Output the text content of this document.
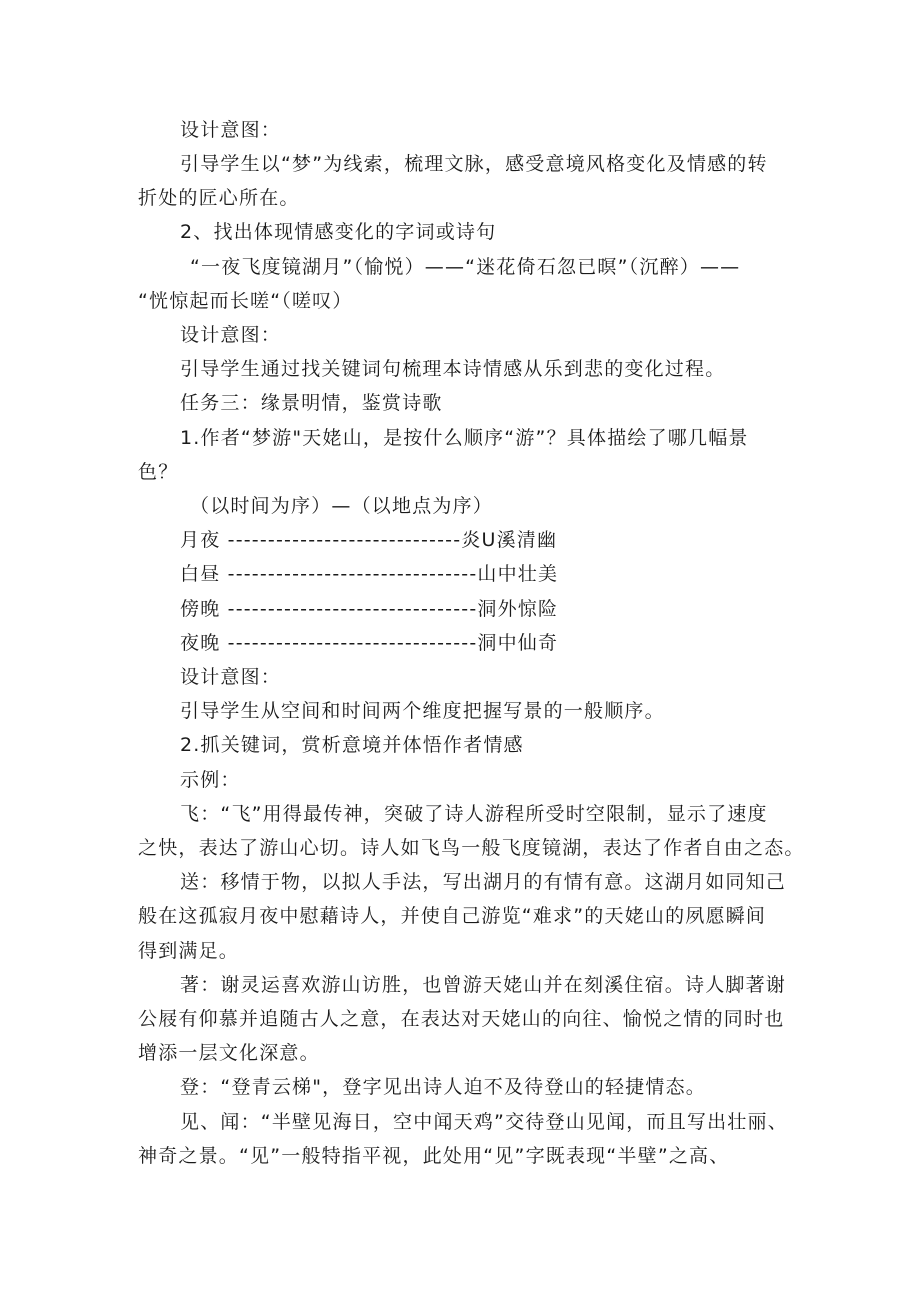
设计意图：
引导学生以“梦”为线索，梳理文脉，感受意境风格变化及情感的转
折处的匠心所在。
2、找出体现情感变化的字词或诗句
“一夜飞度镜湖月”（愉悦）——“迷花倚石忽已暝”（沉醉）——
“恍惊起而长嗟“（嗟叹）
设计意图：
引导学生通过找关键词句梳理本诗情感从乐到悲的变化过程。
任务三：缘景明情，鉴赏诗歌
1.作者“梦游"天姥山，是按什么顺序“游”？具体描绘了哪几幅景
色？
（以时间为序）—（以地点为序）
月夜 -----------------------------炎U溪清幽
白昼 -------------------------------山中壮美
傍晚 -------------------------------洞外惊险
夜晚 -------------------------------洞中仙奇
设计意图：
引导学生从空间和时间两个维度把握写景的一般顺序。
2.抓关键词，赏析意境并体悟作者情感
示例：
飞：“飞”用得最传神，突破了诗人游程所受时空限制，显示了速度
之快，表达了游山心切。诗人如飞鸟一般飞度镜湖，表达了作者自由之态。
送：移情于物，以拟人手法，写出湖月的有情有意。这湖月如同知己
般在这孤寂月夜中慰藉诗人，并使自己游览“难求”的天姥山的夙愿瞬间
得到满足。
著：谢灵运喜欢游山访胜，也曾游天姥山并在刻溪住宿。诗人脚著谢
公屐有仰慕并追随古人之意，在表达对天姥山的向往、愉悦之情的同时也
增添一层文化深意。
登：“登青云梯"，登字见出诗人迫不及待登山的轻捷情态。
见、闻：“半壁见海日，空中闻天鸡”交待登山见闻，而且写出壮丽、
神奇之景。“见”一般特指平视，此处用“见”字既表现“半壁”之高、
